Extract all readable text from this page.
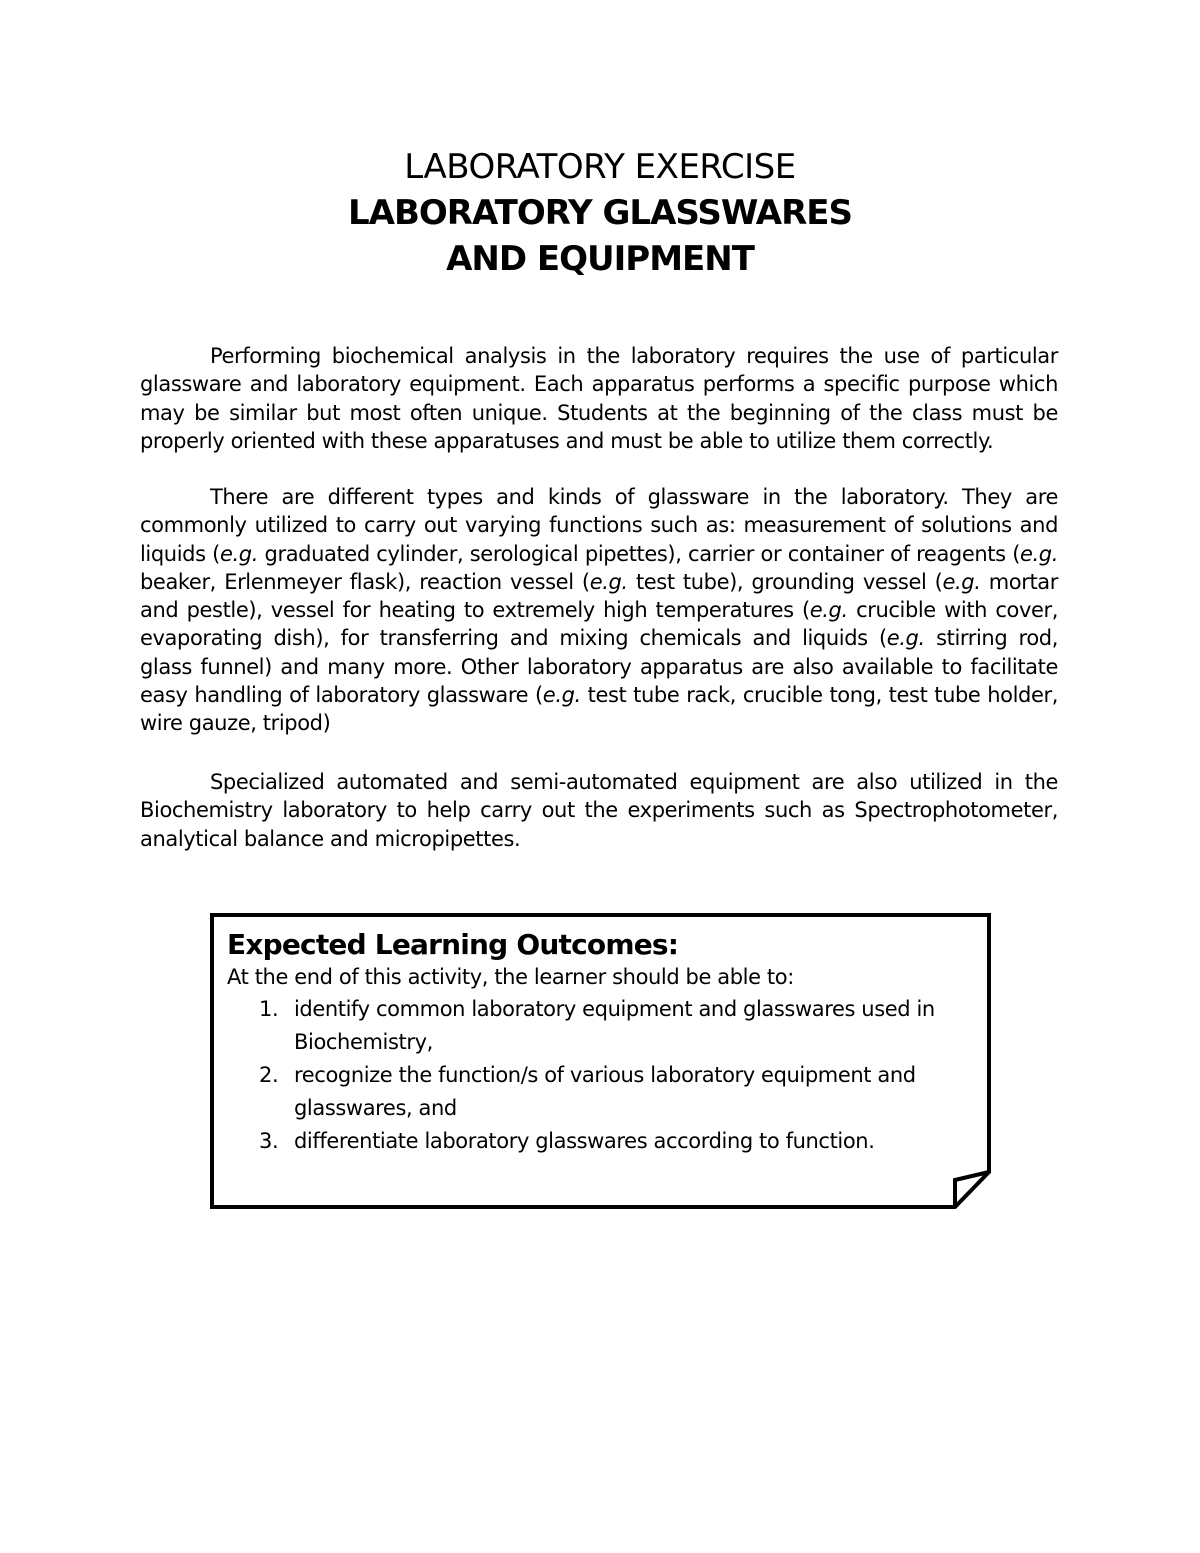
LABORATORY EXERCISE
LABORATORY GLASSWARES
AND EQUIPMENT

Performing biochemical analysis in the laboratory requires the use of particular glassware and laboratory equipment. Each apparatus performs a specific purpose which may be similar but most often unique. Students at the beginning of the class must be properly oriented with these apparatuses and must be able to utilize them correctly.

There are different types and kinds of glassware in the laboratory. They are commonly utilized to carry out varying functions such as: measurement of solutions and liquids (e.g. graduated cylinder, serological pipettes), carrier or container of reagents (e.g. beaker, Erlenmeyer flask), reaction vessel (e.g. test tube), grounding vessel (e.g. mortar and pestle), vessel for heating to extremely high temperatures (e.g. crucible with cover, evaporating dish), for transferring and mixing chemicals and liquids (e.g. stirring rod, glass funnel) and many more. Other laboratory apparatus are also available to facilitate easy handling of laboratory glassware (e.g. test tube rack, crucible tong, test tube holder, wire gauze, tripod)

Specialized automated and semi-automated equipment are also utilized in the Biochemistry laboratory to help carry out the experiments such as Spectrophotometer, analytical balance and micropipettes.

Expected Learning Outcomes:
At the end of this activity, the learner should be able to:
1. identify common laboratory equipment and glasswares used in Biochemistry,
2. recognize the function/s of various laboratory equipment and glasswares, and
3. differentiate laboratory glasswares according to function.
